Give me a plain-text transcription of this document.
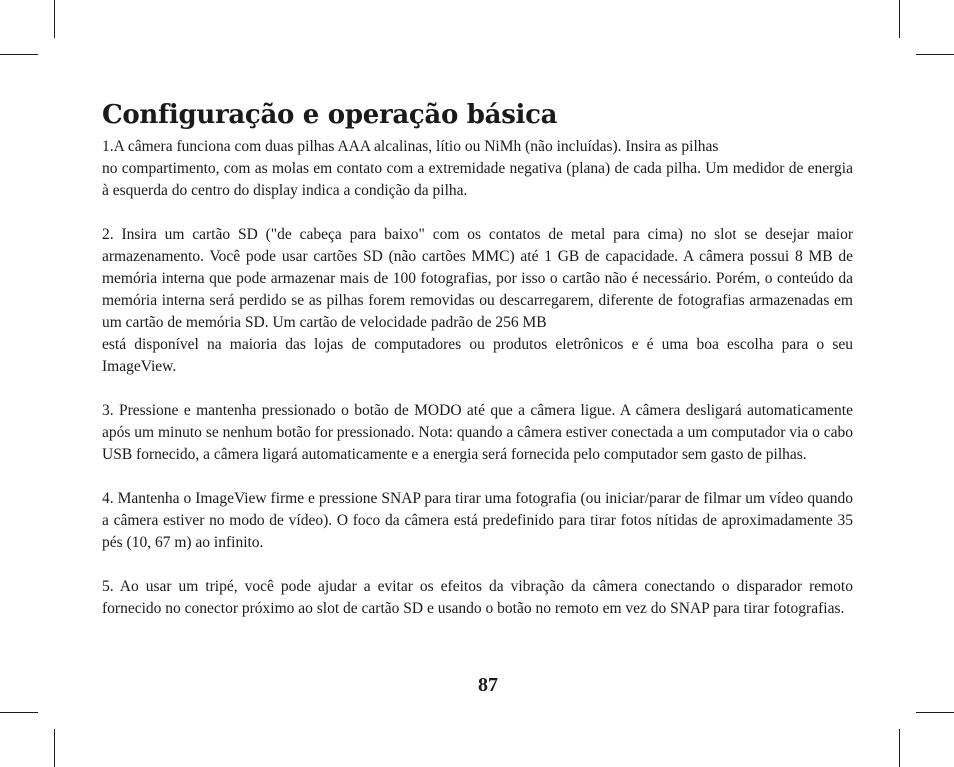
Configuração e operação básica

1.A câmera funciona com duas pilhas AAA alcalinas, lítio ou NiMh (não incluídas). Insira as pilhas
no compartimento, com as molas em contato com a extremidade negativa (plana) de cada pilha. Um medidor de energia à esquerda do centro do display indica a condição da pilha.

2. Insira um cartão SD ("de cabeça para baixo" com os contatos de metal para cima) no slot se desejar maior armazenamento. Você pode usar cartões SD (não cartões MMC) até 1 GB de capacidade. A câmera possui 8 MB de memória interna que pode armazenar mais de 100 fotografias, por isso o cartão não é necessário. Porém, o conteúdo da memória interna será perdido se as pilhas forem removidas ou descarregarem, diferente de fotografias armazenadas em um cartão de memória SD. Um cartão de velocidade padrão de 256 MB
está disponível na maioria das lojas de computadores ou produtos eletrônicos e é uma boa escolha para o seu ImageView.

3. Pressione e mantenha pressionado o botão de MODO até que a câmera ligue. A câmera desligará automaticamente após um minuto se nenhum botão for pressionado. Nota: quando a câmera estiver conectada a um computador via o cabo USB fornecido, a câmera ligará automaticamente e a energia será fornecida pelo computador sem gasto de pilhas.

4. Mantenha o ImageView firme e pressione SNAP para tirar uma fotografia (ou iniciar/parar de filmar um vídeo quando a câmera estiver no modo de vídeo). O foco da câmera está predefinido para tirar fotos nítidas de aproximadamente 35 pés (10, 67 m) ao infinito.

5. Ao usar um tripé, você pode ajudar a evitar os efeitos da vibração da câmera conectando o disparador remoto fornecido no conector próximo ao slot de cartão SD e usando o botão no remoto em vez do SNAP para tirar fotografias.

87
